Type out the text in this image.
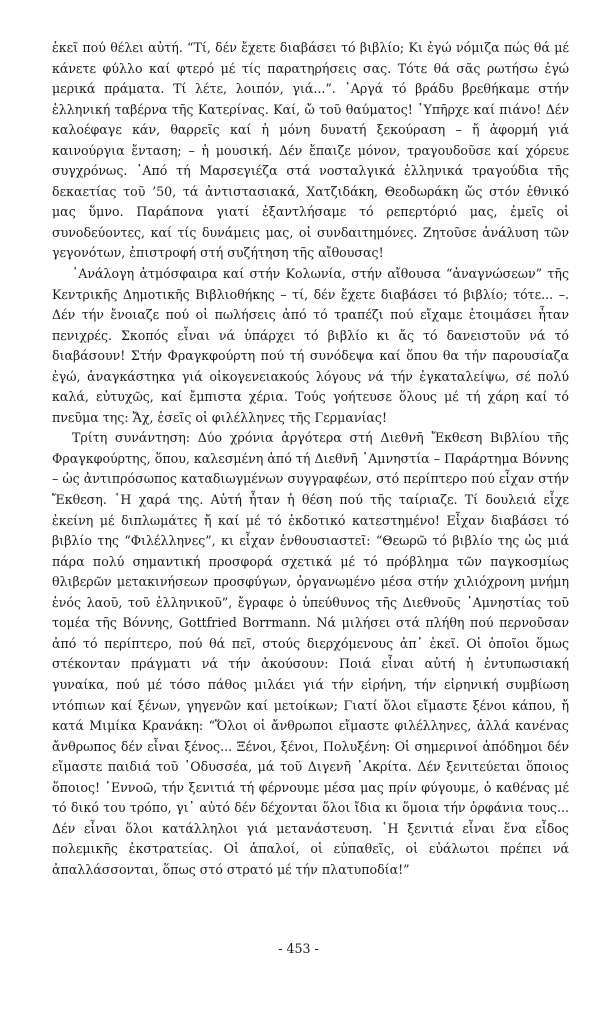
ἐκεῖ πού θέλει αὐτή. “Τί, δέν ἔχετε διαβάσει τό βιβλίο; Κι ἐγώ νόμιζα πώς θά μέ κάνετε φύλλο καί φτερό μέ τίς παρατηρήσεις σας. Τότε θά σᾶς ρωτήσω ἐγώ μερικά πράματα. Τί λέτε, λοιπόν, γιά...”. ᾿Αργά τό βράδυ βρεθήκαμε στήν ἑλληνική ταβέρνα τῆς Κατερίνας. Καί, ὤ τοῦ θαύματος! ῾Υπῆρχε καί πιάνο! Δέν καλοέφαγε κάν, θαρρεῖς καί ἡ μόνη δυνατή ξεκούραση – ἤ ἀφορμή γιά καινούργια ἔνταση; – ἡ μουσική. Δέν ἔπαιζε μόνον, τραγουδοῦσε καί χόρευε συγχρόνως. ᾿Από τή Μαρσεγιέζα στά νοσταλγικά ἑλληνικά τραγούδια τῆς δεκαετίας τοῦ ’50, τά ἀντιστασιακά, Χατζιδάκη, Θεοδωράκη ὥς στόν ἐθνικό μας ὕμνο. Παράπονα γιατί ἐξαντλήσαμε τό ρεπερτόριό μας, ἐμεῖς οἱ συνοδεύοντες, καί τίς δυνάμεις μας, οἱ συνδαιτημόνες. Ζητοῦσε ἀνάλυση τῶν γεγονότων, ἐπιστροφή στή συζήτηση τῆς αἴθουσας!

᾿Ανάλογη ἀτμόσφαιρα καί στήν Κολωνία, στήν αἴθουσα “ἀναγνώσεων” τῆς Κεντρικῆς Δημοτικῆς Βιβλιοθήκης – τί, δέν ἔχετε διαβάσει τό βιβλίο; τότε... –. Δέν τήν ἔνοιαζε πού οἱ πωλήσεις ἀπό τό τραπέζι πού εἴχαμε ἑτοιμάσει ἦταν πενιχρές. Σκοπός εἶναι νά ὑπάρχει τό βιβλίο κι ἄς τό δανειστοῦν νά τό διαβάσουν! Στήν Φραγκφούρτη πού τή συνόδεψα καί ὅπου θα τήν παρουσίαζα ἐγώ, ἀναγκάστηκα γιά οἰκογενειακούς λόγους νά τήν ἐγκαταλείψω, σέ πολύ καλά, εὐτυχῶς, καί ἔμπιστα χέρια. Τούς γοήτευσε ὅλους μέ τή χάρη καί τό πνεῦμα της: Ἄχ, ἐσεῖς οἱ φιλέλληνες τῆς Γερμανίας!

Τρίτη συνάντηση: Δύο χρόνια ἀργότερα στή Διεθνῆ Ἔκθεση Βιβλίου τῆς Φραγκφούρτης, ὅπου, καλεσμένη ἀπό τή Διεθνῆ ᾿Αμνηστία – Παράρτημα Βόννης – ὡς ἀντιπρόσωπος καταδιωγμένων συγγραφέων, στό περίπτερο πού εἶχαν στήν Ἔκθεση. ῾Η χαρά της. Αὐτή ἦταν ἡ θέση πού τῆς ταίριαζε. Τί δουλειά εἶχε ἐκείνη μέ διπλωμάτες ἤ καί μέ τό ἐκδοτικό κατεστημένο! Εἶχαν διαβάσει τό βιβλίο της “Φιλέλληνες”, κι εἶχαν ἐνθουσιαστεῖ: “Θεωρῶ τό βιβλίο της ὡς μιά πάρα πολύ σημαντική προσφορά σχετικά μέ τό πρόβλημα τῶν παγκοσμίως θλιβερῶν μετακινήσεων προσφύγων, ὀργανωμένο μέσα στήν χιλιόχρονη μνήμη ἑνός λαοῦ, τοῦ ἑλληνικοῦ”, ἔγραφε ὁ ὑπεύθυνος τῆς Διεθνοῦς ᾿Αμνηστίας τοῦ τομέα τῆς Βόννης, Gottfried Borrmann. Νά μιλήσει στά πλήθη πού περνοῦσαν ἀπό τό περίπτερο, πού θά πεῖ, στούς διερχόμενους ἀπ᾿ ἐκεῖ. Οἱ ὁποῖοι ὅμως στέκονταν πράγματι νά τήν ἀκούσουν: Ποιά εἶναι αὐτή ἡ ἐντυπωσιακή γυναίκα, πού μέ τόσο πάθος μιλάει γιά τήν εἰρήνη, τήν εἰρηνική συμβίωση ντόπιων καί ξένων, γηγενῶν καί μετοίκων; Γιατί ὅλοι εἴμαστε ξένοι κάπου, ἤ κατά Μιμίκα Κρανάκη: “Ὅλοι οἱ ἄνθρωποι εἴμαστε φιλέλληνες, ἀλλά κανένας ἄνθρωπος δέν εἶναι ξένος... Ξένοι, ξένοι, Πολυξένη: Οἱ σημερινοί ἀπόδημοι δέν εἴμαστε παιδιά τοῦ ᾿Οδυσσέα, μά τοῦ Διγενῆ ᾿Ακρίτα. Δέν ξενιτεύεται ὅποιος ὅποιος! ᾿Εννοῶ, τήν ξενιτιά τή φέρνουμε μέσα μας πρίν φύγουμε, ὁ καθένας μέ τό δικό του τρόπο, γι᾿ αὐτό δέν δέχονται ὅλοι ἴδια κι ὅμοια τήν ὀρφάνια τους... Δέν εἶναι ὅλοι κατάλληλοι γιά μετανάστευση. ῾Η ξενιτιά εἶναι ἕνα εἶδος πολεμικῆς ἐκστρατείας. Οἱ ἁπαλοί, οἱ εὐπαθεῖς, οἱ εὐάλωτοι πρέπει νά ἀπαλλάσσονται, ὅπως στό στρατό μέ τήν πλατυποδία!”

- 453 -
